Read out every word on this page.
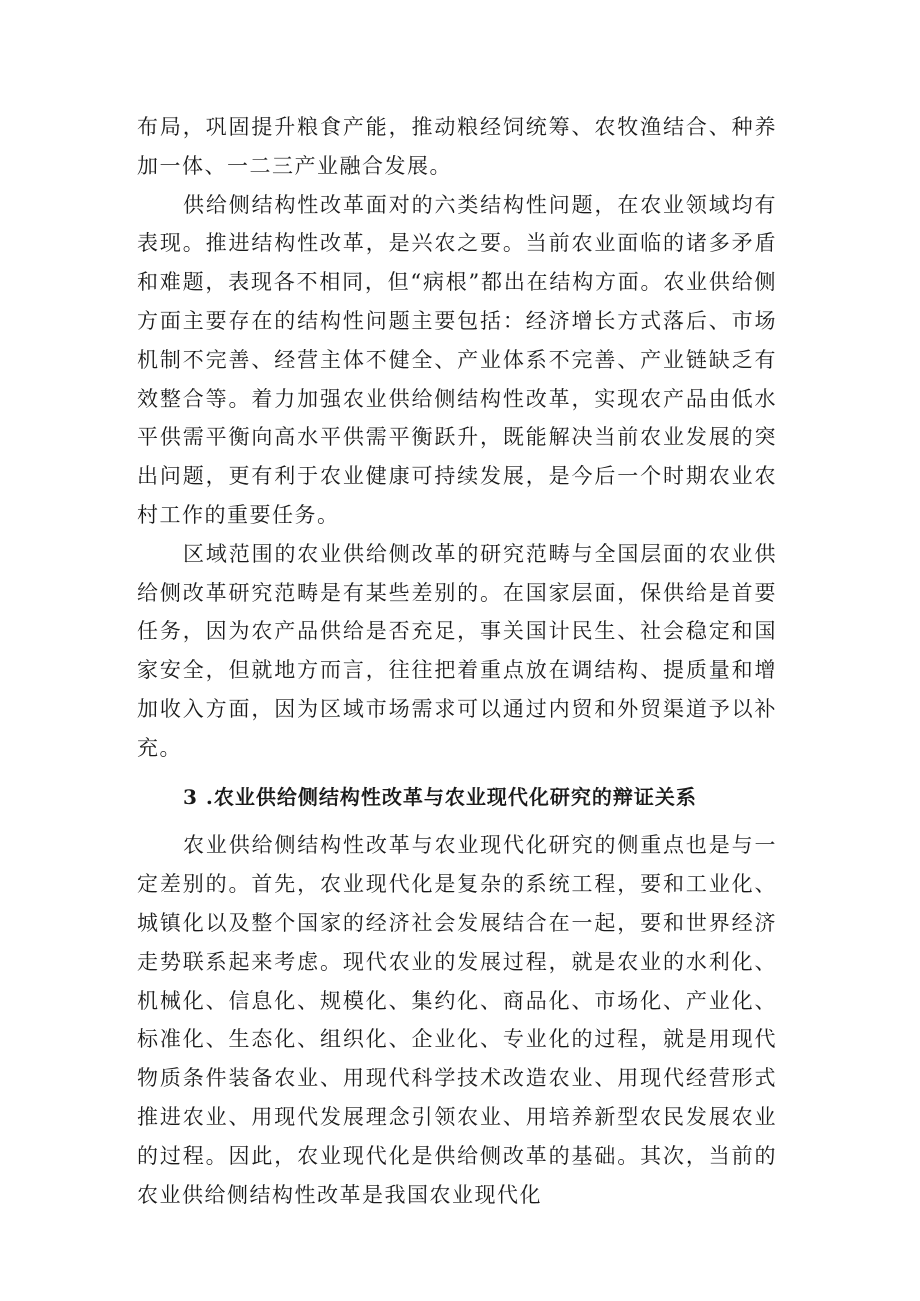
布局，巩固提升粮食产能，推动粮经饲统筹、农牧渔结合、种养加一体、一二三产业融合发展。

供给侧结构性改革面对的六类结构性问题，在农业领域均有表现。推进结构性改革，是兴农之要。当前农业面临的诸多矛盾和难题，表现各不相同，但“病根”都出在结构方面。农业供给侧方面主要存在的结构性问题主要包括：经济增长方式落后、市场机制不完善、经营主体不健全、产业体系不完善、产业链缺乏有效整合等。着力加强农业供给侧结构性改革，实现农产品由低水平供需平衡向高水平供需平衡跃升，既能解决当前农业发展的突出问题，更有利于农业健康可持续发展，是今后一个时期农业农村工作的重要任务。

区域范围的农业供给侧改革的研究范畴与全国层面的农业供给侧改革研究范畴是有某些差别的。在国家层面，保供给是首要任务，因为农产品供给是否充足，事关国计民生、社会稳定和国家安全，但就地方而言，往往把着重点放在调结构、提质量和增加收入方面，因为区域市场需求可以通过内贸和外贸渠道予以补充。

3 .农业供给侧结构性改革与农业现代化研究的辩证关系

农业供给侧结构性改革与农业现代化研究的侧重点也是与一定差别的。首先，农业现代化是复杂的系统工程，要和工业化、城镇化以及整个国家的经济社会发展结合在一起，要和世界经济走势联系起来考虑。现代农业的发展过程，就是农业的水利化、机械化、信息化、规模化、集约化、商品化、市场化、产业化、标准化、生态化、组织化、企业化、专业化的过程，就是用现代物质条件装备农业、用现代科学技术改造农业、用现代经营形式推进农业、用现代发展理念引领农业、用培养新型农民发展农业的过程。因此，农业现代化是供给侧改革的基础。其次，当前的农业供给侧结构性改革是我国农业现代化
